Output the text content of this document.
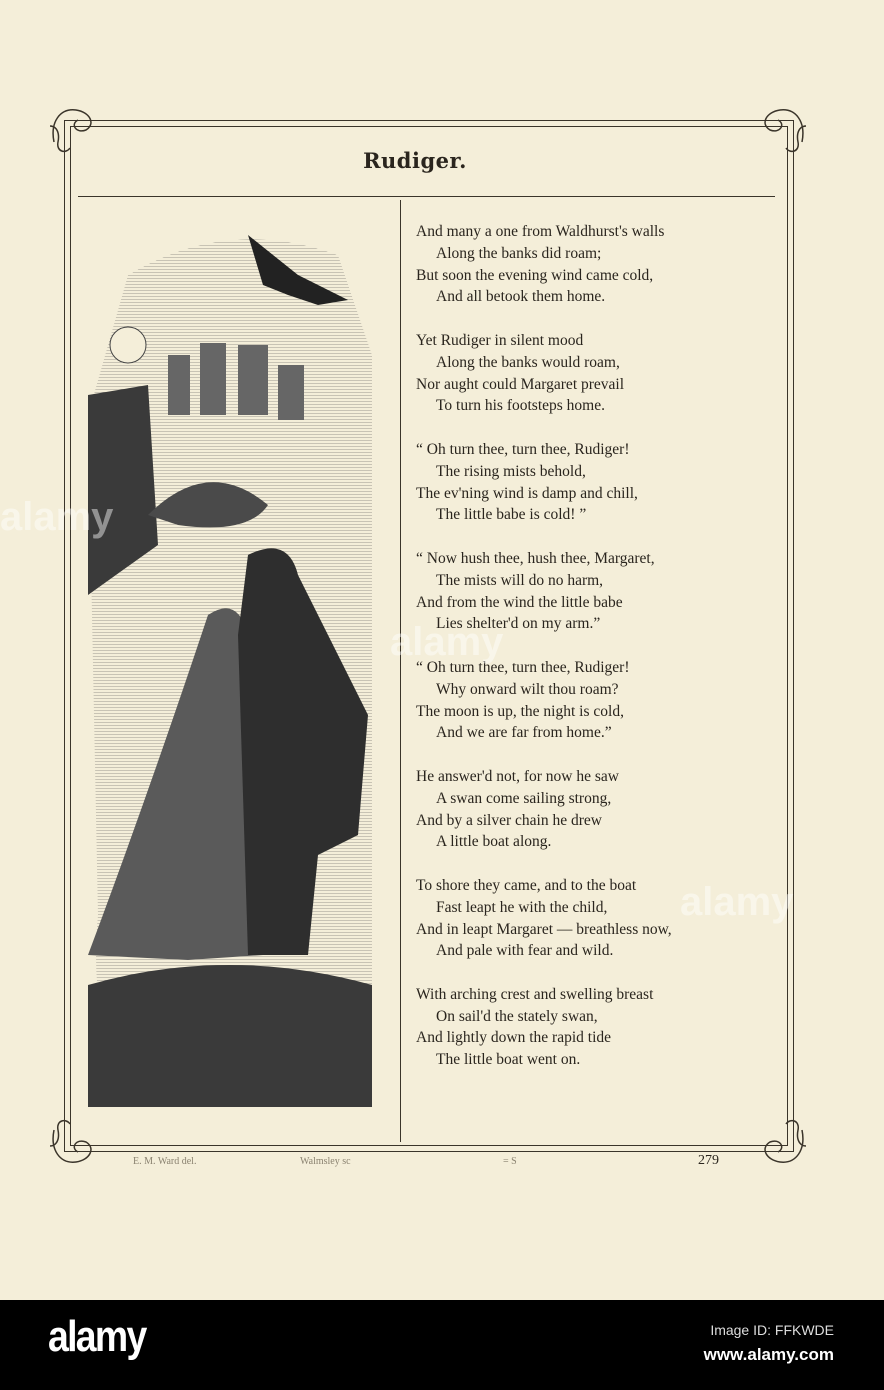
Rudiger.
And many a one from Waldhurst's walls
Along the banks did roam;
But soon the evening wind came cold,
And all betook them home.
Yet Rudiger in silent mood
Along the banks would roam,
Nor aught could Margaret prevail
To turn his footsteps home.
“ Oh turn thee, turn thee, Rudiger!
The rising mists behold,
The ev'ning wind is damp and chill,
The little babe is cold! ”
“ Now hush thee, hush thee, Margaret,
The mists will do no harm,
And from the wind the little babe
Lies shelter'd on my arm.”
“ Oh turn thee, turn thee, Rudiger!
Why onward wilt thou roam?
The moon is up, the night is cold,
And we are far from home.”
He answer'd not, for now he saw
A swan come sailing strong,
And by a silver chain he drew
A little boat along.
To shore they came, and to the boat
Fast leapt he with the child,
And in leapt Margaret — breathless now,
And pale with fear and wild.
With arching crest and swelling breast
On sail'd the stately swan,
And lightly down the rapid tide
The little boat went on.
E. M. Ward del.	Walmsley sc	= S	279
alamy
alamy
alamy
alamy	Image ID: FFKWDE
www.alamy.com
